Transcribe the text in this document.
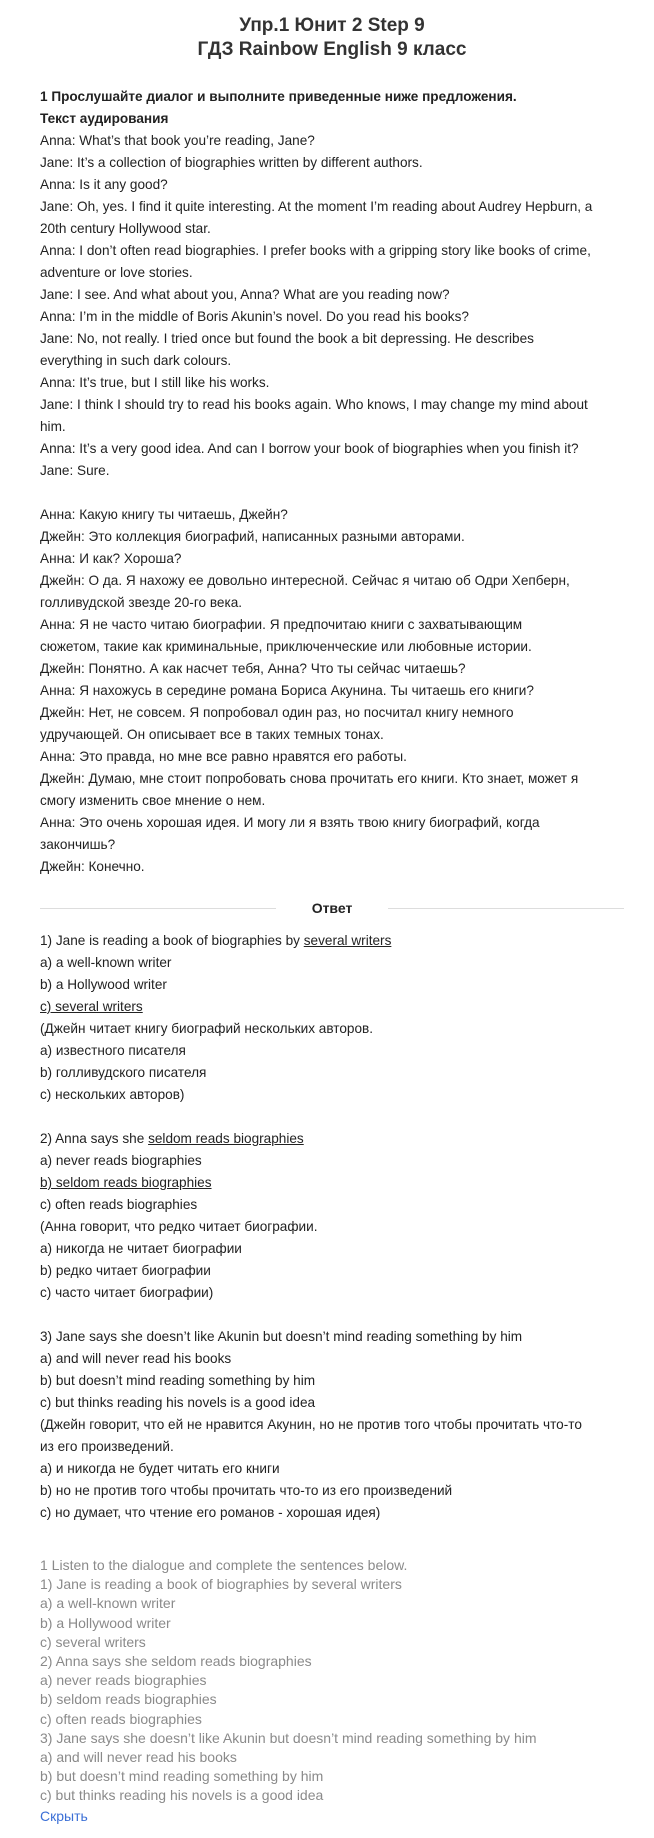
Упр.1 Юнит 2 Step 9

ГДЗ Rainbow English 9 класс

1 Прослушайте диалог и выполните приведенные ниже предложения.

Текст аудирования

Anna: What’s that book you’re reading, Jane?

Jane: It’s a collection of biographies written by different authors.

Anna: Is it any good?

Jane: Oh, yes. I find it quite interesting. At the moment I’m reading about Audrey Hepburn, a

20th century Hollywood star.

Anna: I don’t often read biographies. I prefer books with a gripping story like books of crime,

adventure or love stories.

Jane: I see. And what about you, Anna? What are you reading now?

Anna: I’m in the middle of Boris Akunin’s novel. Do you read his books?

Jane: No, not really. I tried once but found the book a bit depressing. He describes

everything in such dark colours.

Anna: It’s true, but I still like his works.

Jane: I think I should try to read his books again. Who knows, I may change my mind about

him.

Anna: It’s a very good idea. And can I borrow your book of biographies when you finish it?

Jane: Sure.

Анна: Какую книгу ты читаешь, Джейн?

Джейн: Это коллекция биографий, написанных разными авторами.

Анна: И как? Хороша?

Джейн: О да. Я нахожу ее довольно интересной. Сейчас я читаю об Одри Хепберн,

голливудской звезде 20-го века.

Анна: Я не часто читаю биографии. Я предпочитаю книги с захватывающим

сюжетом, такие как криминальные, приключенческие или любовные истории.

Джейн: Понятно. А как насчет тебя, Анна? Что ты сейчас читаешь?

Анна: Я нахожусь в середине романа Бориса Акунина. Ты читаешь его книги?

Джейн: Нет, не совсем. Я попробовал один раз, но посчитал книгу немного

удручающей. Он описывает все в таких темных тонах.

Анна: Это правда, но мне все равно нравятся его работы.

Джейн: Думаю, мне стоит попробовать снова прочитать его книги. Кто знает, может я

смогу изменить свое мнение о нем.

Анна: Это очень хорошая идея. И могу ли я взять твою книгу биографий, когда

закончишь?

Джейн: Конечно.

Ответ

1) Jane is reading a book of biographies by several writers

a) a well-known writer

b) a Hollywood writer

c) several writers

(Джейн читает книгу биографий нескольких авторов.

а) известного писателя

b) голливудского писателя

c) нескольких авторов)

2) Anna says she seldom reads biographies

a) never reads biographies

b) seldom reads biographies

c) often reads biographies

(Анна говорит, что редко читает биографии.

а) никогда не читает биографии

b) редко читает биографии

c) часто читает биографии)

3) Jane says she doesn’t like Akunin but doesn’t mind reading something by him

a) and will never read his books

b) but doesn’t mind reading something by him

c) but thinks reading his novels is a good idea

(Джейн говорит, что ей не нравится Акунин, но не против того чтобы прочитать что-то

из его произведений.

а) и никогда не будет читать его книги

b) но не против того чтобы прочитать что-то из его произведений

c) но думает, что чтение его романов - хорошая идея)

1 Listen to the dialogue and complete the sentences below.

1) Jane is reading a book of biographies by several writers

a) a well-known writer

b) a Hollywood writer

c) several writers

2) Anna says she seldom reads biographies

a) never reads biographies

b) seldom reads biographies

c) often reads biographies

3) Jane says she doesn’t like Akunin but doesn’t mind reading something by him

a) and will never read his books

b) but doesn’t mind reading something by him

c) but thinks reading his novels is a good idea

Скрыть
